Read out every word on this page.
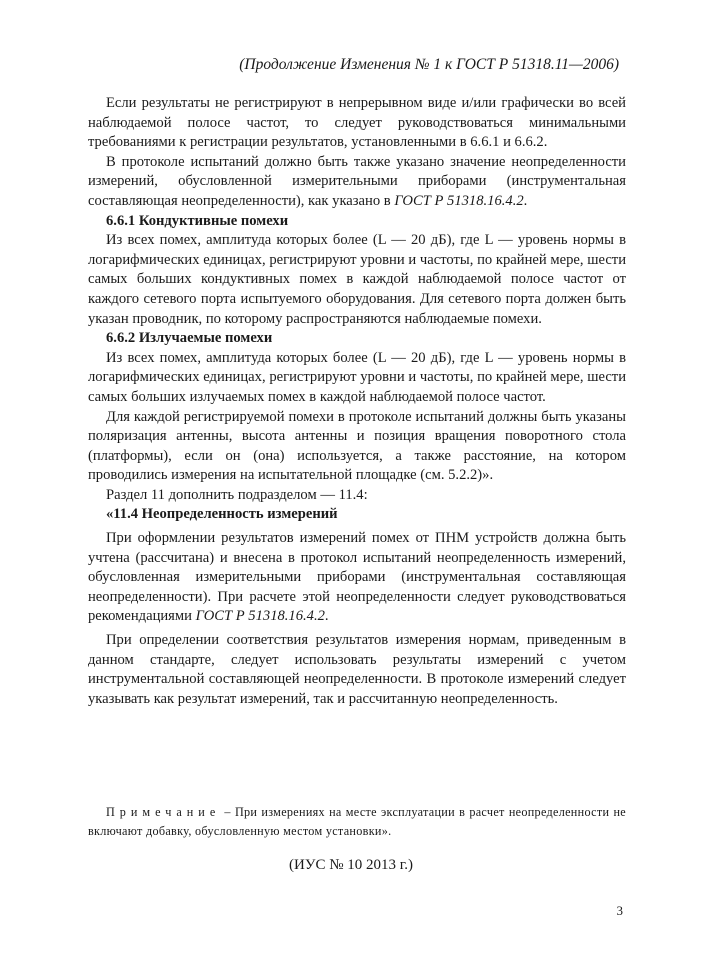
(Продолжение Изменения № 1 к ГОСТ Р 51318.11—2006)

Если результаты не регистрируют в непрерывном виде и/или графически во всей наблюдаемой полосе частот, то следует руководствоваться минимальными требованиями к регистрации результатов, установленными в 6.6.1 и 6.6.2.

В протоколе испытаний должно быть также указано значение неопределенности измерений, обусловленной измерительными приборами (инструментальная составляющая неопределенности), как указано в ГОСТ Р 51318.16.4.2.

6.6.1 Кондуктивные помехи

Из всех помех, амплитуда которых более (L — 20 дБ), где L — уровень нормы в логарифмических единицах, регистрируют уровни и частоты, по крайней мере, шести самых больших кондуктивных помех в каждой наблюдаемой полосе частот от каждого сетевого порта испытуемого оборудования. Для сетевого порта должен быть указан проводник, по которому распространяются наблюдаемые помехи.

6.6.2 Излучаемые помехи

Из всех помех, амплитуда которых более (L — 20 дБ), где L — уровень нормы в логарифмических единицах, регистрируют уровни и частоты, по крайней мере, шести самых больших излучаемых помех в каждой наблюдаемой полосе частот.

Для каждой регистрируемой помехи в протоколе испытаний должны быть указаны поляризация антенны, высота антенны и позиция вращения поворотного стола (платформы), если он (она) используется, а также расстояние, на котором проводились измерения на испытательной площадке (см. 5.2.2)».

Раздел 11 дополнить подразделом — 11.4:

«11.4 Неопределенность измерений

При оформлении результатов измерений помех от ПНМ устройств должна быть учтена (рассчитана) и внесена в протокол испытаний неопределенность измерений, обусловленная измерительными приборами (инструментальная составляющая неопределенности). При расчете этой неопределенности следует руководствоваться рекомендациями ГОСТ Р 51318.16.4.2.

При определении соответствия результатов измерения нормам, приведенным в данном стандарте, следует использовать результаты измерений с учетом инструментальной составляющей неопределенности. В протоколе измерений следует указывать как результат измерений, так и рассчитанную неопределенность.

Примечание – При измерениях на месте эксплуатации в расчет неопределенности не включают добавку, обусловленную местом установки».
(ИУС № 10 2013 г.)
3
